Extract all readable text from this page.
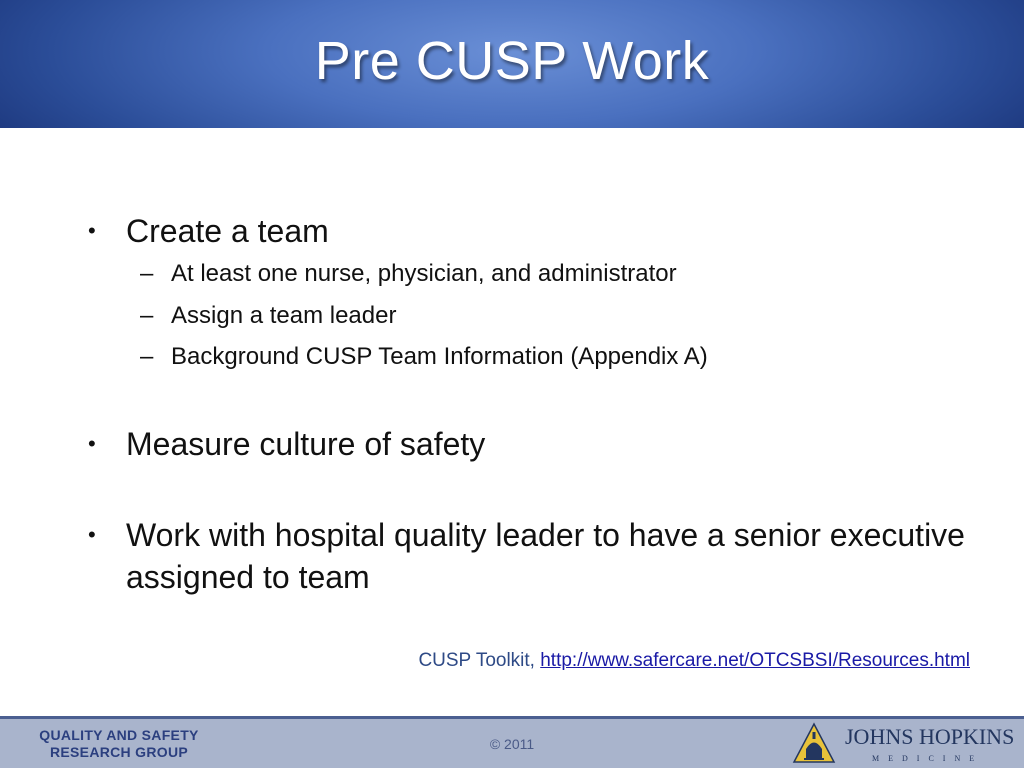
Pre CUSP Work
• Create a team
– At least one nurse, physician, and administrator
– Assign a team leader
– Background CUSP Team Information (Appendix A)
• Measure culture of safety
• Work with hospital quality leader to have a senior executive assigned to team
CUSP Toolkit, http://www.safercare.net/OTCSBSI/Resources.html
QUALITY AND SAFETY
RESEARCH GROUP	© 2011	JOHNS HOPKINS
MEDICINE
